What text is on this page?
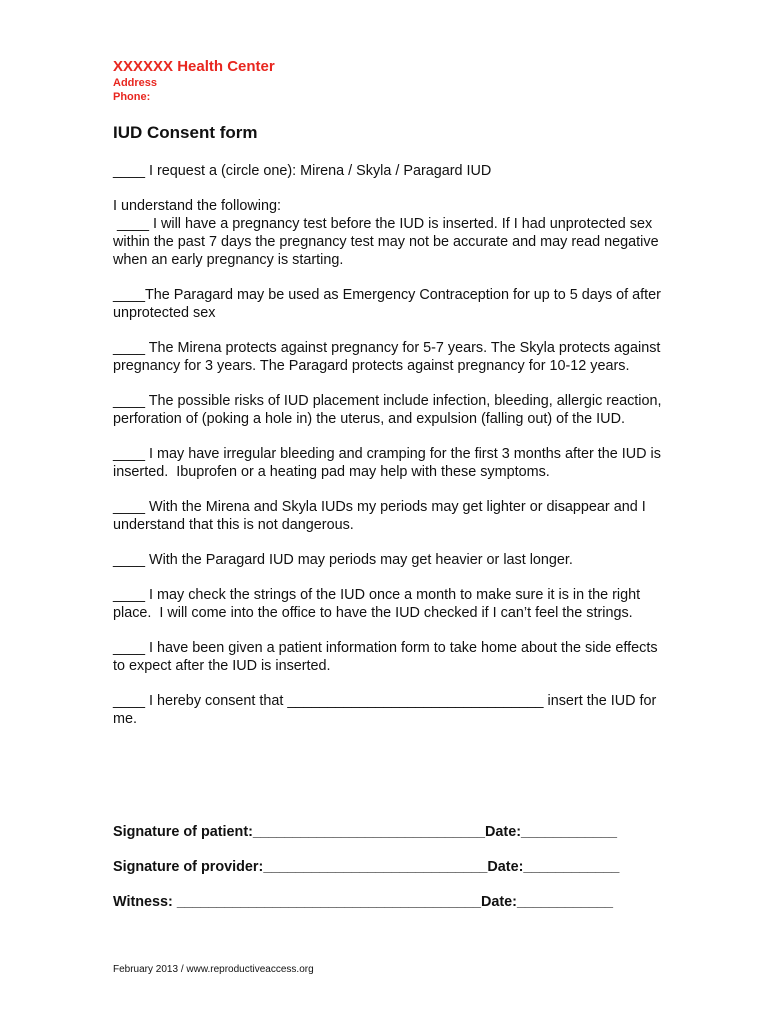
XXXXXX Health Center
Address
Phone:
IUD Consent form

____ I request a (circle one): Mirena / Skyla / Paragard IUD

I understand the following:
____ I will have a pregnancy test before the IUD is inserted. If I had unprotected sex within the past 7 days the pregnancy test may not be accurate and may read negative when an early pregnancy is starting.

____The Paragard may be used as Emergency Contraception for up to 5 days of after unprotected sex

____ The Mirena protects against pregnancy for 5-7 years. The Skyla protects against pregnancy for 3 years. The Paragard protects against pregnancy for 10-12 years.

____ The possible risks of IUD placement include infection, bleeding, allergic reaction, perforation of (poking a hole in) the uterus, and expulsion (falling out) of the IUD.

____ I may have irregular bleeding and cramping for the first 3 months after the IUD is inserted.  Ibuprofen or a heating pad may help with these symptoms.

____ With the Mirena and Skyla IUDs my periods may get lighter or disappear and I understand that this is not dangerous.

____ With the Paragard IUD may periods may get heavier or last longer.

____ I may check the strings of the IUD once a month to make sure it is in the right place.  I will come into the office to have the IUD checked if I can’t feel the strings.

____ I have been given a patient information form to take home about the side effects to expect after the IUD is inserted.

____ I hereby consent that ________________________________ insert the IUD for me.

Signature of patient:_____________________________Date:____________
Signature of provider:____________________________Date:____________
Witness: ______________________________________Date:____________
February 2013 / www.reproductiveaccess.org
